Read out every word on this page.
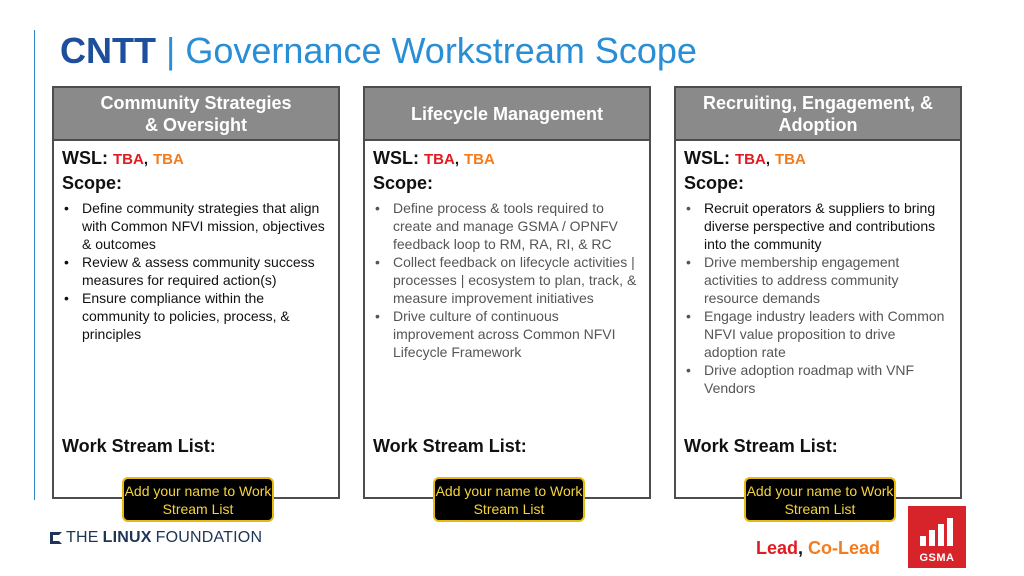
CNTT | Governance Workstream Scope
Community Strategies
& Oversight
WSL: TBA, TBA
Scope:
• Define community strategies that align with Common NFVI mission, objectives & outcomes
• Review & assess community success measures for required action(s)
• Ensure compliance within the community to policies, process, & principles
Work Stream List:
Add your name to Work Stream List
Lifecycle Management
WSL: TBA, TBA
Scope:
• Define process & tools required to create and manage GSMA / OPNFV feedback loop to RM, RA, RI, & RC
• Collect feedback on lifecycle activities | processes | ecosystem to plan, track, & measure improvement initiatives
• Drive culture of continuous improvement across Common NFVI Lifecycle Framework
Work Stream List:
Add your name to Work Stream List
Recruiting, Engagement, & Adoption
WSL: TBA, TBA
Scope:
• Recruit operators & suppliers to bring diverse perspective and contributions into the community
• Drive membership engagement activities to address community resource demands
• Engage industry leaders with Common NFVI value proposition to drive adoption rate
• Drive adoption roadmap with VNF Vendors
Work Stream List:
Add your name to Work Stream List
THE LINUX FOUNDATION
Lead, Co-Lead	GSMA
